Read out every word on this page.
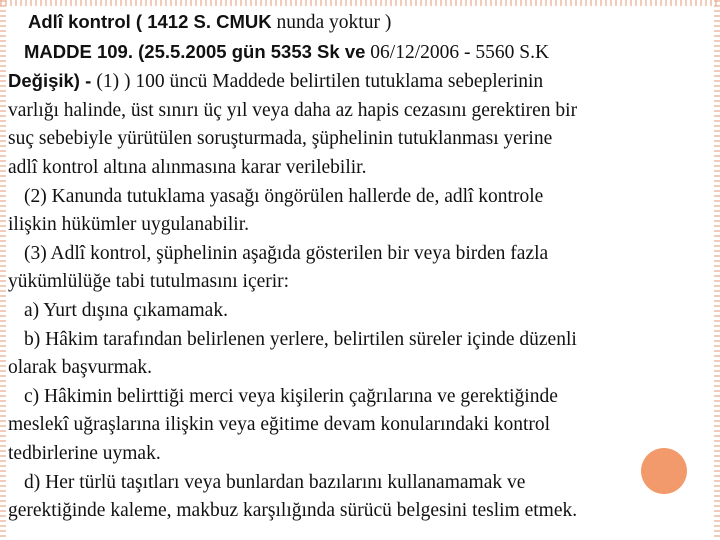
Adlî kontrol ( 1412 S. CMUK nunda yoktur )
MADDE 109. (25.5.2005 gün 5353 Sk ve 06/12/2006 - 5560 S.K
Değişik) - (1) ) 100 üncü Maddede belirtilen tutuklama sebeplerinin
varlığı halinde, üst sınırı üç yıl veya daha az hapis cezasını gerektiren bir
suç sebebiyle yürütülen soruşturmada, şüphelinin tutuklanması yerine
adlî kontrol altına alınmasına karar verilebilir.
(2) Kanunda tutuklama yasağı öngörülen hallerde de, adlî kontrole
ilişkin hükümler uygulanabilir.
(3) Adlî kontrol, şüphelinin aşağıda gösterilen bir veya birden fazla
yükümlülüğe tabi tutulmasını içerir:
a) Yurt dışına çıkamamak.
b) Hâkim tarafından belirlenen yerlere, belirtilen süreler içinde düzenli
olarak başvurmak.
c) Hâkimin belirttiği merci veya kişilerin çağrılarına ve gerektiğinde
meslekî uğraşlarına ilişkin veya eğitime devam konularındaki kontrol
tedbirlerine uymak.
d) Her türlü taşıtları veya bunlardan bazılarını kullanamamak ve
gerektiğinde kaleme, makbuz karşılığında sürücü belgesini teslim etmek.
